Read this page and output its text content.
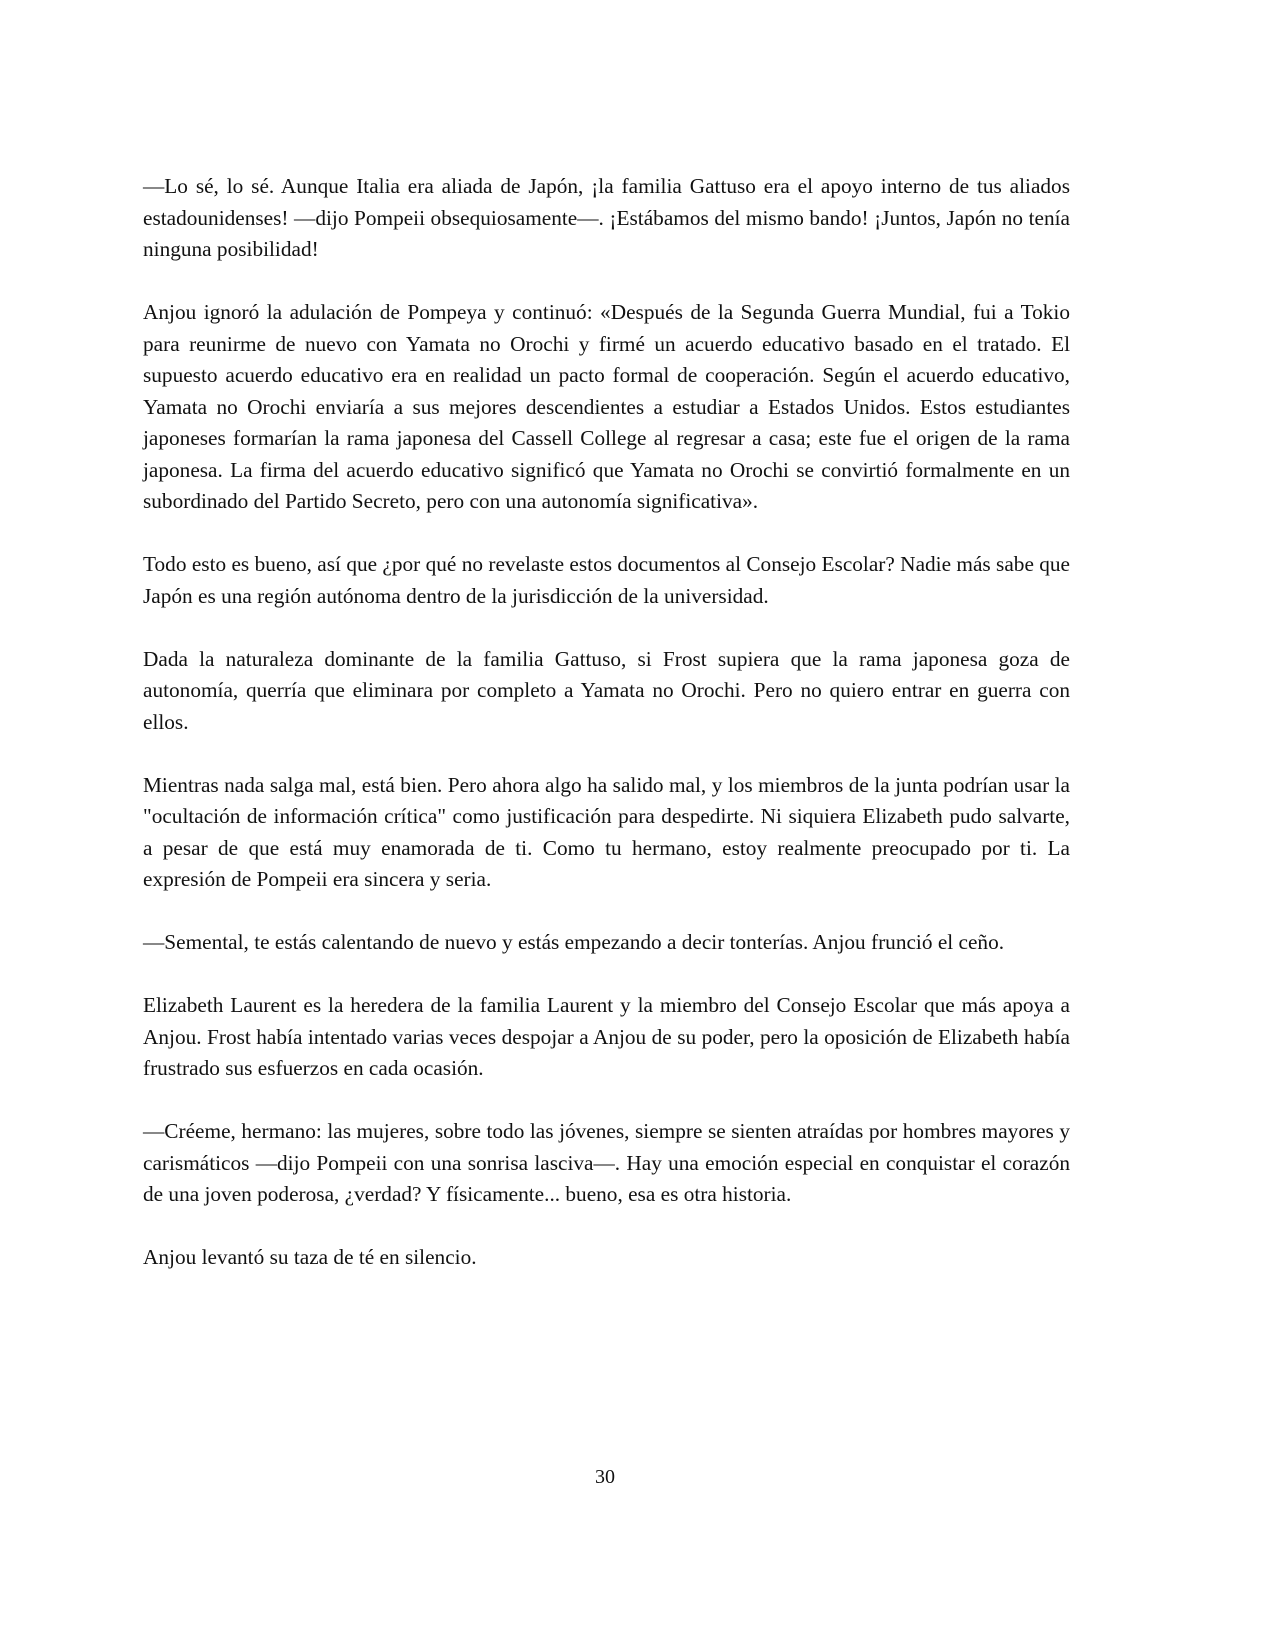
—Lo sé, lo sé. Aunque Italia era aliada de Japón, ¡la familia Gattuso era el apoyo interno de tus aliados estadounidenses! —dijo Pompeii obsequiosamente—. ¡Estábamos del mismo bando! ¡Juntos, Japón no tenía ninguna posibilidad!

Anjou ignoró la adulación de Pompeya y continuó: «Después de la Segunda Guerra Mundial, fui a Tokio para reunirme de nuevo con Yamata no Orochi y firmé un acuerdo educativo basado en el tratado. El supuesto acuerdo educativo era en realidad un pacto formal de cooperación. Según el acuerdo educativo, Yamata no Orochi enviaría a sus mejores descendientes a estudiar a Estados Unidos. Estos estudiantes japoneses formarían la rama japonesa del Cassell College al regresar a casa; este fue el origen de la rama japonesa. La firma del acuerdo educativo significó que Yamata no Orochi se convirtió formalmente en un subordinado del Partido Secreto, pero con una autonomía significativa».

Todo esto es bueno, así que ¿por qué no revelaste estos documentos al Consejo Escolar? Nadie más sabe que Japón es una región autónoma dentro de la jurisdicción de la universidad.

Dada la naturaleza dominante de la familia Gattuso, si Frost supiera que la rama japonesa goza de autonomía, querría que eliminara por completo a Yamata no Orochi. Pero no quiero entrar en guerra con ellos.

Mientras nada salga mal, está bien. Pero ahora algo ha salido mal, y los miembros de la junta podrían usar la "ocultación de información crítica" como justificación para despedirte. Ni siquiera Elizabeth pudo salvarte, a pesar de que está muy enamorada de ti. Como tu hermano, estoy realmente preocupado por ti. La expresión de Pompeii era sincera y seria.

—Semental, te estás calentando de nuevo y estás empezando a decir tonterías. Anjou frunció el ceño.

Elizabeth Laurent es la heredera de la familia Laurent y la miembro del Consejo Escolar que más apoya a Anjou. Frost había intentado varias veces despojar a Anjou de su poder, pero la oposición de Elizabeth había frustrado sus esfuerzos en cada ocasión.

—Créeme, hermano: las mujeres, sobre todo las jóvenes, siempre se sienten atraídas por hombres mayores y carismáticos —dijo Pompeii con una sonrisa lasciva—. Hay una emoción especial en conquistar el corazón de una joven poderosa, ¿verdad? Y físicamente... bueno, esa es otra historia.

Anjou levantó su taza de té en silencio.

30
